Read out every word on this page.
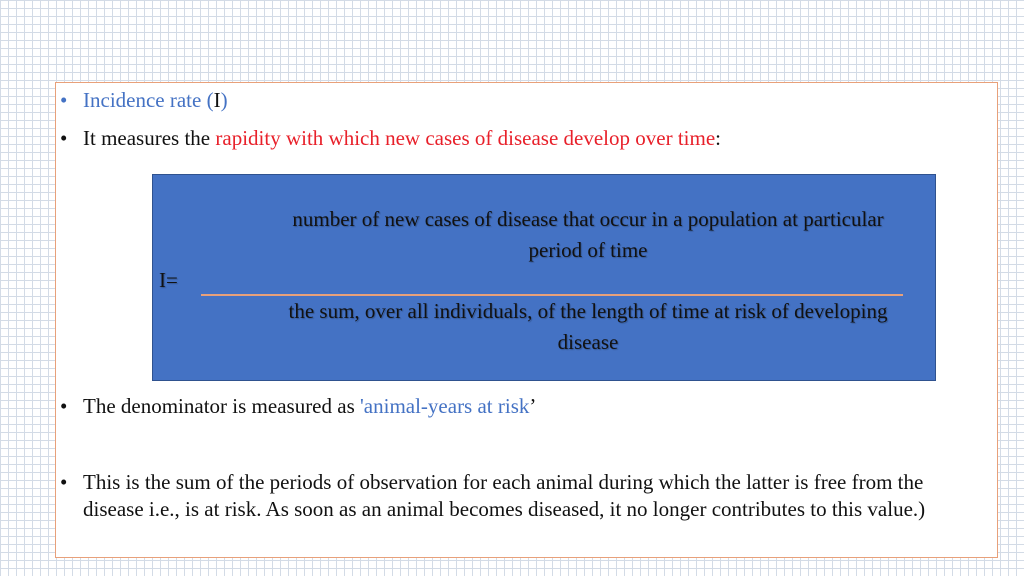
• Incidence rate (I)
• It measures the rapidity with which new cases of disease develop over time:
number of new cases of disease that occur in a population at particular period of time
I=
the sum, over all individuals, of the length of time at risk of developing disease
• The denominator is measured as 'animal-years at risk’
• This is the sum of the periods of observation for each animal during which the latter is free from the disease i.e., is at risk. As soon as an animal becomes diseased, it no longer contributes to this value.)
